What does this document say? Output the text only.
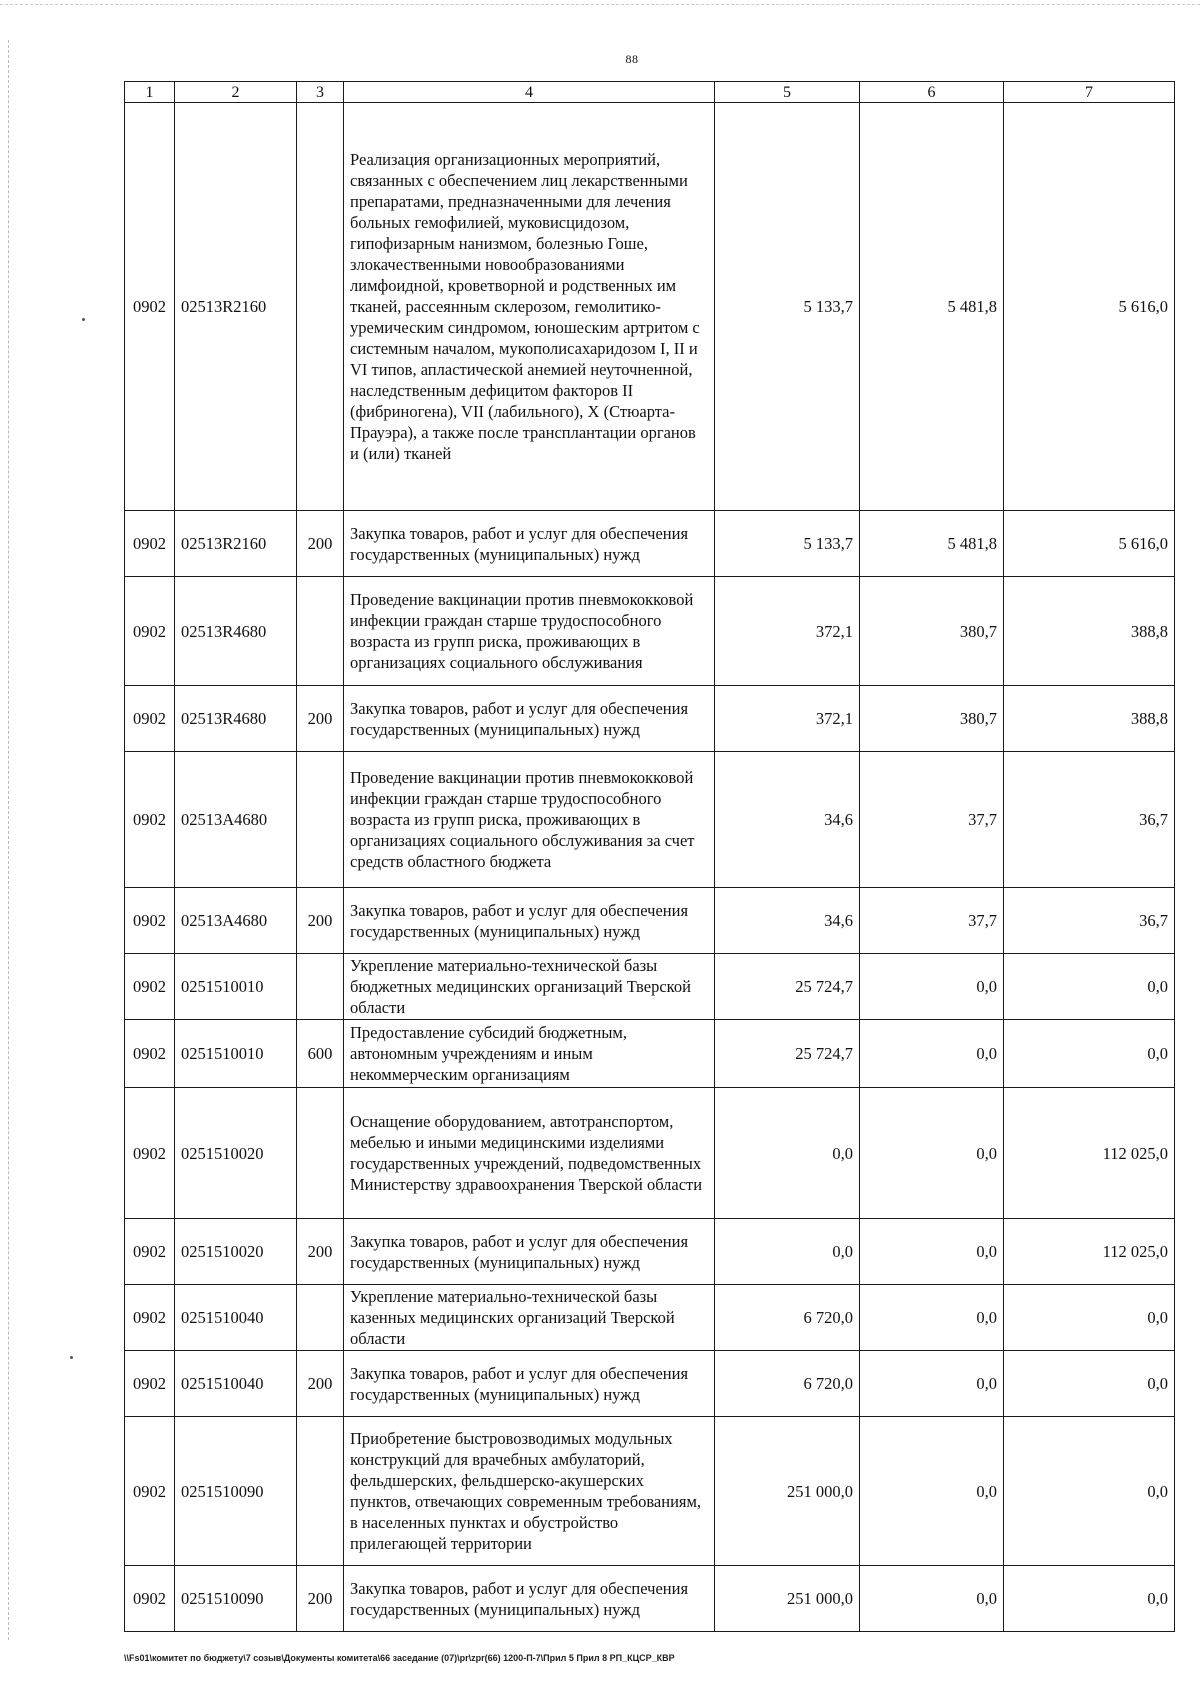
88
1	2	3	4	5	6	7
0902	02513R2160		Реализация организационных мероприятий, связанных с обеспечением лиц лекарственными препаратами, предназначенными для лечения больных гемофилией, муковисцидозом, гипофизарным нанизмом, болезнью Гоше, злокачественными новообразованиями лимфоидной, кроветворной и родственных им тканей, рассеянным склерозом, гемолитико-уремическим синдромом, юношеским артритом с системным началом, мукополисахаридозом I, II и VI типов, апластической анемией неуточненной, наследственным дефицитом факторов II (фибриногена), VII (лабильного), X (Стюарта-Прауэра), а также после трансплантации органов и (или) тканей	5 133,7	5 481,8	5 616,0
0902	02513R2160	200	Закупка товаров, работ и услуг для обеспечения государственных (муниципальных) нужд	5 133,7	5 481,8	5 616,0
0902	02513R4680		Проведение вакцинации против пневмококковой инфекции граждан старше трудоспособного возраста из групп риска, проживающих в организациях социального обслуживания	372,1	380,7	388,8
0902	02513R4680	200	Закупка товаров, работ и услуг для обеспечения государственных (муниципальных) нужд	372,1	380,7	388,8
0902	02513А4680		Проведение вакцинации против пневмококковой инфекции граждан старше трудоспособного возраста из групп риска, проживающих в организациях социального обслуживания за счет средств областного бюджета	34,6	37,7	36,7
0902	02513А4680	200	Закупка товаров, работ и услуг для обеспечения государственных (муниципальных) нужд	34,6	37,7	36,7
0902	0251510010		Укрепление материально-технической базы бюджетных медицинских организаций Тверской области	25 724,7	0,0	0,0
0902	0251510010	600	Предоставление субсидий бюджетным, автономным учреждениям и иным некоммерческим организациям	25 724,7	0,0	0,0
0902	0251510020		Оснащение оборудованием, автотранспортом, мебелью и иными медицинскими изделиями государственных учреждений, подведомственных Министерству здравоохранения Тверской области	0,0	0,0	112 025,0
0902	0251510020	200	Закупка товаров, работ и услуг для обеспечения государственных (муниципальных) нужд	0,0	0,0	112 025,0
0902	0251510040		Укрепление материально-технической базы казенных медицинских организаций Тверской области	6 720,0	0,0	0,0
0902	0251510040	200	Закупка товаров, работ и услуг для обеспечения государственных (муниципальных) нужд	6 720,0	0,0	0,0
0902	0251510090		Приобретение быстровозводимых модульных конструкций для врачебных амбулаторий, фельдшерских, фельдшерско-акушерских пунктов, отвечающих современным требованиям, в населенных пунктах и обустройство прилегающей территории	251 000,0	0,0	0,0
0902	0251510090	200	Закупка товаров, работ и услуг для обеспечения государственных (муниципальных) нужд	251 000,0	0,0	0,0
\\Fs01\комитет по бюджету\7 созыв\Документы комитета\66 заседание (07)\pr\zpr(66) 1200-П-7\Прил 5 Прил 8 РП_КЦСР_КВР
